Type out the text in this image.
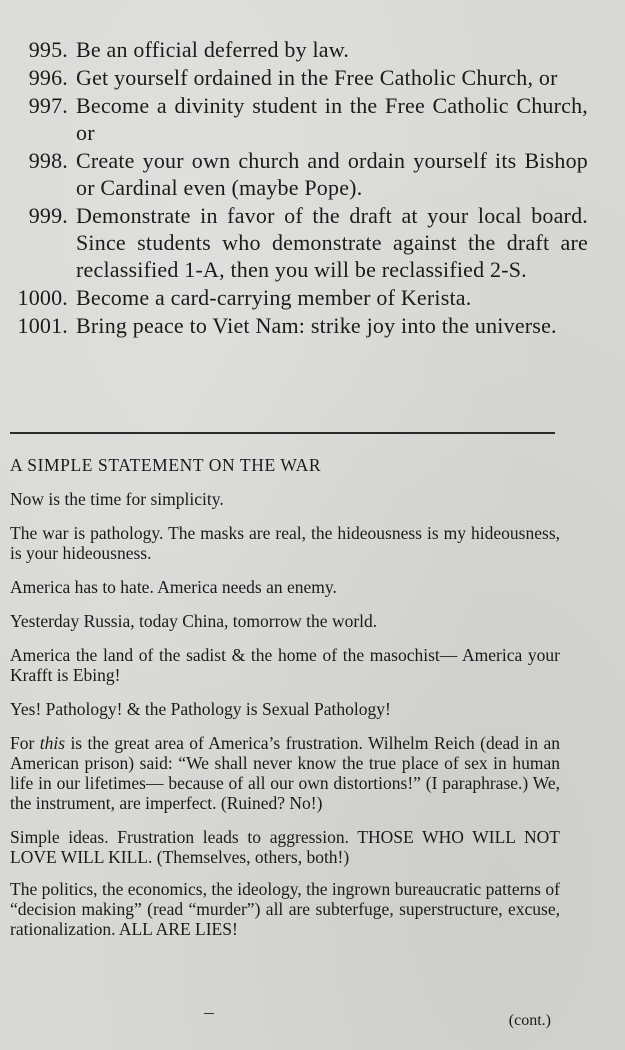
995. Be an official deferred by law.
996. Get yourself ordained in the Free Catholic Church, or
997. Become a divinity student in the Free Catholic Church, or
998. Create your own church and ordain yourself its Bishop or Cardinal even (maybe Pope).
999. Demonstrate in favor of the draft at your local board. Since students who demonstrate against the draft are reclassified 1-A, then you will be reclassified 2-S.
1000. Become a card-carrying member of Kerista.
1001. Bring peace to Viet Nam: strike joy into the universe.
A SIMPLE STATEMENT ON THE WAR

Now is the time for simplicity.

The war is pathology. The masks are real, the hideousness is my hideousness, is your hideousness.

America has to hate. America needs an enemy.

Yesterday Russia, today China, tomorrow the world.

America the land of the sadist & the home of the masochist— America your Krafft is Ebing!

Yes! Pathology! & the Pathology is Sexual Pathology!

For this is the great area of America’s frustration. Wilhelm Reich (dead in an American prison) said: “We shall never know the true place of sex in human life in our lifetimes— because of all our own distortions!” (I paraphrase.) We, the instrument, are imperfect. (Ruined? No!)

Simple ideas. Frustration leads to aggression. THOSE WHO WILL NOT LOVE WILL KILL. (Themselves, others, both!)

The politics, the economics, the ideology, the ingrown bureaucratic patterns of “decision making” (read “murder”) all are subterfuge, superstructure, excuse, rationalization. ALL ARE LIES!

(cont.)
